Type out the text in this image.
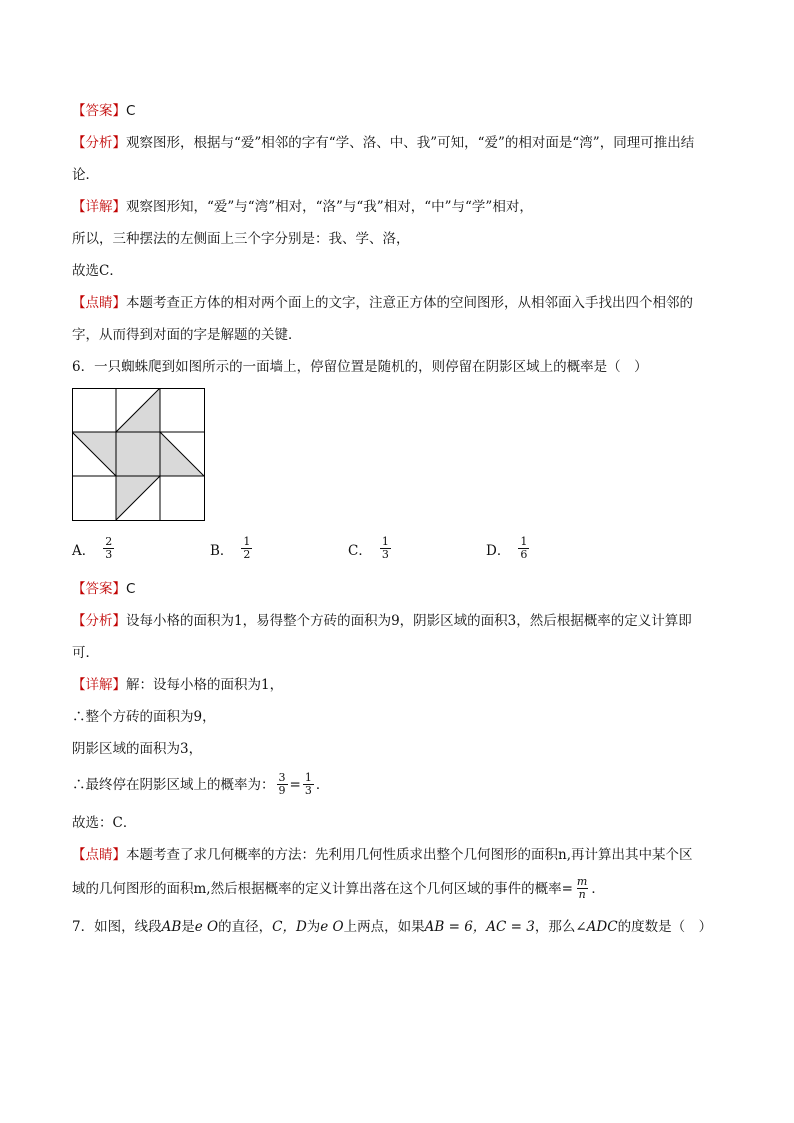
【答案】C
【分析】观察图形，根据与“爱”相邻的字有“学、洛、中、我”可知，“爱”的相对面是“湾”，同理可推出结
论．
【详解】观察图形知，“爱”与“湾”相对，“洛”与“我”相对，“中”与“学”相对，
所以，三种摆法的左侧面上三个字分别是：我、学、洛，
故选C．
【点睛】本题考查正方体的相对两个面上的文字，注意正方体的空间图形，从相邻面入手找出四个相邻的
字，从而得到对面的字是解题的关键．
6．一只蜘蛛爬到如图所示的一面墙上，停留位置是随机的，则停留在阴影区域上的概率是（　）
A． $\frac{2}{3}$	B． $\frac{1}{2}$	C． $\frac{1}{3}$	D． $\frac{1}{6}$
【答案】C
【分析】设每小格的面积为1，易得整个方砖的面积为9，阴影区域的面积3，然后根据概率的定义计算即
可．
【详解】解：设每小格的面积为1，
∴整个方砖的面积为9，
阴影区域的面积为3，
∴最终停在阴影区域上的概率为： $\frac{3}{9} = \frac{1}{3}$ ．
故选：C．
【点睛】本题考查了求几何概率的方法：先利用几何性质求出整个几何图形的面积n,再计算出其中某个区
域的几何图形的面积m,然后根据概率的定义计算出落在这个几何区域的事件的概率= $\frac{m}{n}$ ．
7．如图，线段AB是e O的直径，C，D为e O上两点，如果AB = 6，AC = 3，那么∠ADC的度数是（　）
